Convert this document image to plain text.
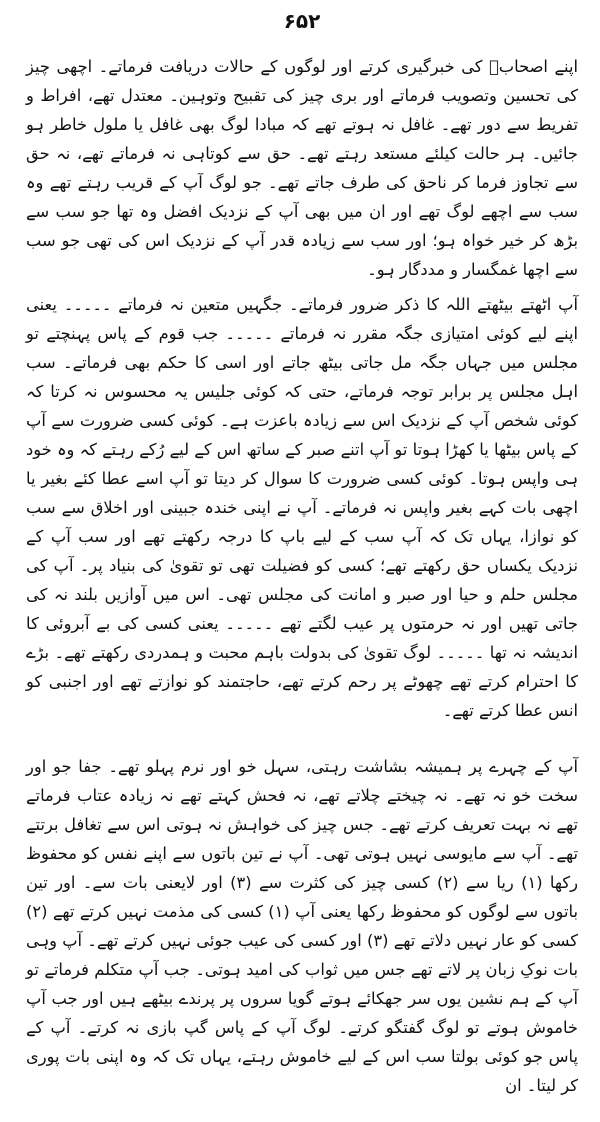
۶۵۲

اپنے اصحابؓ کی خبرگیری کرتے اور لوگوں کے حالات دریافت فرماتے۔ اچھی چیز کی تحسین وتصویب فرماتے اور بری چیز کی تقبیح وتوہین۔ معتدل تھے، افراط و تفریط سے دور تھے۔ غافل نہ ہوتے تھے کہ مبادا لوگ بھی غافل یا ملول خاطر ہو جائیں۔ ہر حالت کیلئے مستعد رہتے تھے۔ حق سے کوتاہی نہ فرماتے تھے، نہ حق سے تجاوز فرما کر ناحق کی طرف جاتے تھے۔ جو لوگ آپ کے قریب رہتے تھے وہ سب سے اچھے لوگ تھے اور ان میں بھی آپ کے نزدیک افضل وہ تھا جو سب سے بڑھ کر خیر خواہ ہو؛ اور سب سے زیادہ قدر آپ کے نزدیک اس کی تھی جو سب سے اچھا غمگسار و مددگار ہو۔

آپ اٹھتے بیٹھتے اللہ کا ذکر ضرور فرماتے۔ جگہیں متعین نہ فرماتے ۔۔۔۔۔ یعنی اپنے لیے کوئی امتیازی جگہ مقرر نہ فرماتے ۔۔۔۔۔ جب قوم کے پاس پہنچتے تو مجلس میں جہاں جگہ مل جاتی بیٹھ جاتے اور اسی کا حکم بھی فرماتے۔ سب اہل مجلس پر برابر توجہ فرماتے، حتی کہ کوئی جلیس یہ محسوس نہ کرتا کہ کوئی شخص آپ کے نزدیک اس سے زیادہ باعزت ہے۔ کوئی کسی ضرورت سے آپ کے پاس بیٹھا یا کھڑا ہوتا تو آپ اتنے صبر کے ساتھ اس کے لیے رُکے رہتے کہ وہ خود ہی واپس ہوتا۔ کوئی کسی ضرورت کا سوال کر دیتا تو آپ اسے عطا کئے بغیر یا اچھی بات کہے بغیر واپس نہ فرماتے۔ آپ نے اپنی خندہ جبینی اور اخلاق سے سب کو نوازا، یہاں تک کہ آپ سب کے لیے باپ کا درجہ رکھتے تھے اور سب آپ کے نزدیک یکساں حق رکھتے تھے؛ کسی کو فضیلت تھی تو تقویٰ کی بنیاد پر۔ آپ کی مجلس حلم و حیا اور صبر و امانت کی مجلس تھی۔ اس میں آوازیں بلند نہ کی جاتی تھیں اور نہ حرمتوں پر عیب لگتے تھے ۔۔۔۔۔ یعنی کسی کی بے آبروئی کا اندیشہ نہ تھا ۔۔۔۔۔ لوگ تقویٰ کی بدولت باہم محبت و ہمدردی رکھتے تھے۔ بڑے کا احترام کرتے تھے چھوٹے پر رحم کرتے تھے، حاجتمند کو نوازتے تھے اور اجنبی کو انس عطا کرتے تھے۔

آپ کے چہرے پر ہمیشہ بشاشت رہتی، سہل خو اور نرم پہلو تھے۔ جفا جو اور سخت خو نہ تھے۔ نہ چیختے چلاتے تھے، نہ فحش کہتے تھے نہ زیادہ عتاب فرماتے تھے نہ بہت تعریف کرتے تھے۔ جس چیز کی خواہش نہ ہوتی اس سے تغافل برتتے تھے۔ آپ سے مایوسی نہیں ہوتی تھی۔ آپ نے تین باتوں سے اپنے نفس کو محفوظ رکھا (۱) ریا سے (۲) کسی چیز کی کثرت سے (۳) اور لایعنی بات سے۔ اور تین باتوں سے لوگوں کو محفوظ رکھا یعنی آپ (۱) کسی کی مذمت نہیں کرتے تھے (۲) کسی کو عار نہیں دلاتے تھے (۳) اور کسی کی عیب جوئی نہیں کرتے تھے۔ آپ وہی بات نوکِ زبان پر لاتے تھے جس میں ثواب کی امید ہوتی۔ جب آپ متکلم فرماتے تو آپ کے ہم نشین یوں سر جھکائے ہوتے گویا سروں پر پرندے بیٹھے ہیں اور جب آپ خاموش ہوتے تو لوگ گفتگو کرتے۔ لوگ آپ کے پاس گپ بازی نہ کرتے۔ آپ کے پاس جو کوئی بولتا سب اس کے لیے خاموش رہتے، یہاں تک کہ وہ اپنی بات پوری کر لیتا۔ ان
